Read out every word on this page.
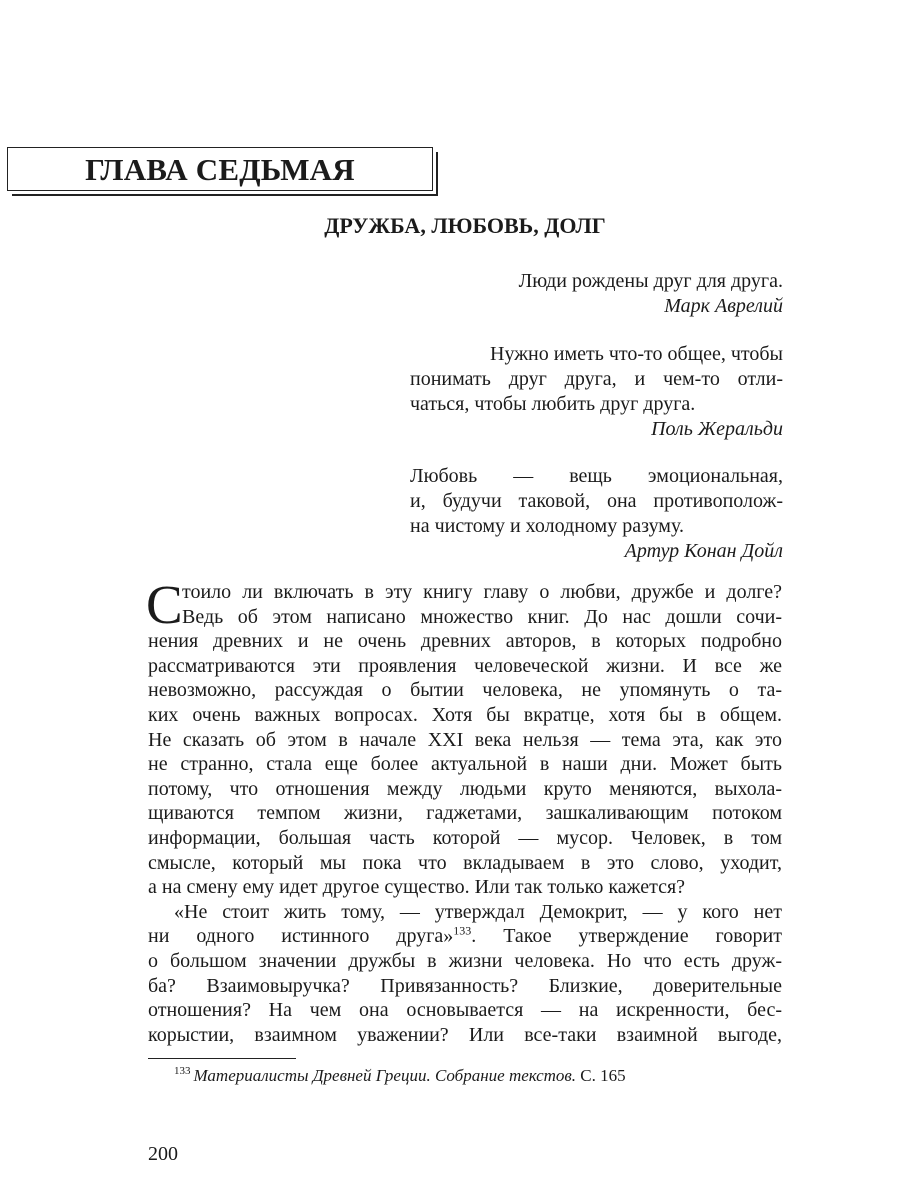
ГЛАВА СЕДЬМАЯ
ДРУЖБА, ЛЮБОВЬ, ДОЛГ
Люди рождены друг для друга.
Марк Аврелий
Нужно иметь что-то общее, чтобы
понимать друг друга, и чем-то отли-
чаться, чтобы любить друг друга.
Поль Жеральди
Любовь — вещь эмоциональная,
и, будучи таковой, она противополож-
на чистому и холодному разуму.
Артур Конан Дойл
С тоило ли включать в эту книгу главу о любви, дружбе и долге?
Ведь об этом написано множество книг. До нас дошли сочи-
нения древних и не очень древних авторов, в которых подробно
рассматриваются эти проявления человеческой жизни. И все же
невозможно, рассуждая о бытии человека, не упомянуть о та-
ких очень важных вопросах. Хотя бы вкратце, хотя бы в общем.
Не сказать об этом в начале XXI века нельзя — тема эта, как это
не странно, стала еще более актуальной в наши дни. Может быть
потому, что отношения между людьми круто меняются, выхола-
щиваются темпом жизни, гаджетами, зашкаливающим потоком
информации, большая часть которой — мусор. Человек, в том
смысле, который мы пока что вкладываем в это слово, уходит,
а на смену ему идет другое существо. Или так только кажется?
«Не стоит жить тому, — утверждал Демокрит, — у кого нет
ни одного истинного друга»$^{133}$. Такое утверждение говорит
о большом значении дружбы в жизни человека. Но что есть друж-
ба? Взаимовыручка? Привязанность? Близкие, доверительные
отношения? На чем она основывается — на искренности, бес-
корыстии, взаимном уважении? Или все-таки взаимной выгоде,
$^{133}$ Материалисты Древней Греции. Собрание текстов. С. 165
200
